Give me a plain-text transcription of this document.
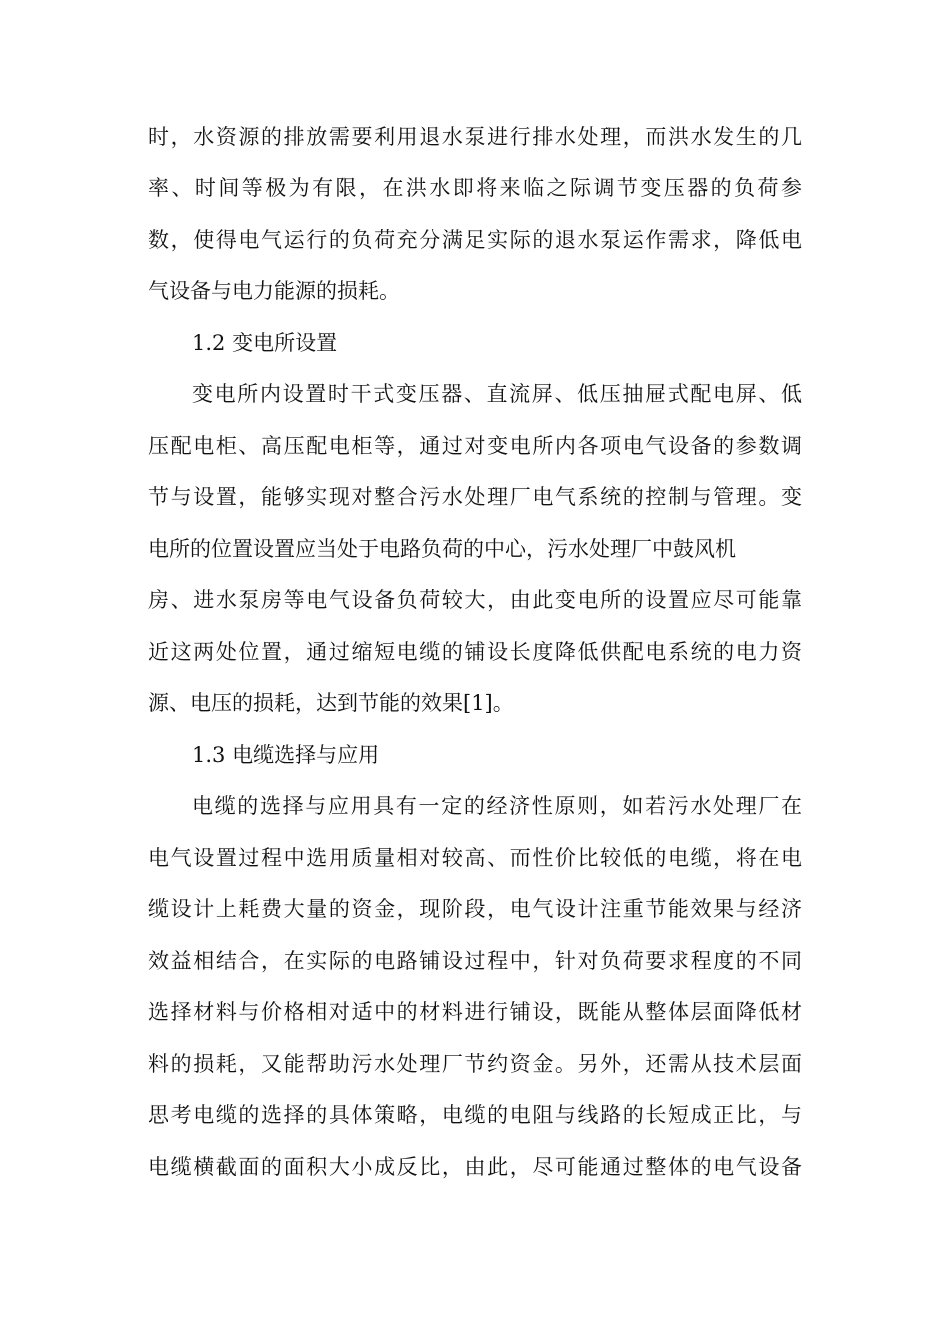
时，水资源的排放需要利用退水泵进行排水处理，而洪水发生的几
率、时间等极为有限，在洪水即将来临之际调节变压器的负荷参
数，使得电气运行的负荷充分满足实际的退水泵运作需求，降低电
气设备与电力能源的损耗。
1.2 变电所设置
变电所内设置时干式变压器、直流屏、低压抽屉式配电屏、低
压配电柜、高压配电柜等，通过对变电所内各项电气设备的参数调
节与设置，能够实现对整合污水处理厂电气系统的控制与管理。变
电所的位置设置应当处于电路负荷的中心，污水处理厂中鼓风机
房、进水泵房等电气设备负荷较大，由此变电所的设置应尽可能靠
近这两处位置，通过缩短电缆的铺设长度降低供配电系统的电力资
源、电压的损耗，达到节能的效果[1]。
1.3 电缆选择与应用
电缆的选择与应用具有一定的经济性原则，如若污水处理厂在
电气设置过程中选用质量相对较高、而性价比较低的电缆，将在电
缆设计上耗费大量的资金，现阶段，电气设计注重节能效果与经济
效益相结合，在实际的电路铺设过程中，针对负荷要求程度的不同
选择材料与价格相对适中的材料进行铺设，既能从整体层面降低材
料的损耗，又能帮助污水处理厂节约资金。另外，还需从技术层面
思考电缆的选择的具体策略，电缆的电阻与线路的长短成正比，与
电缆横截面的面积大小成反比，由此，尽可能通过整体的电气设备
